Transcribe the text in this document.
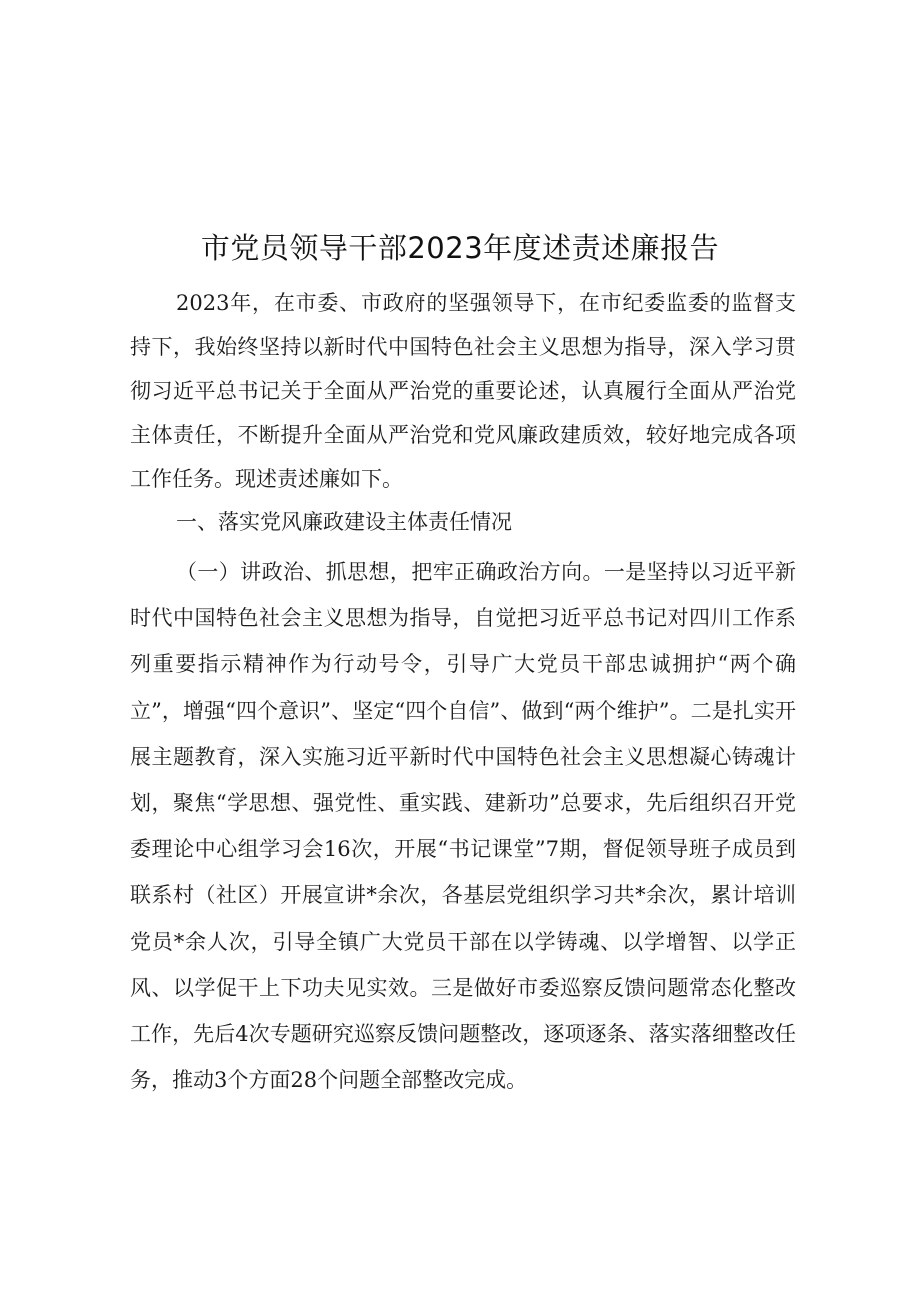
市党员领导干部2023年度述责述廉报告
2023年，在市委、市政府的坚强领导下，在市纪委监委的监督支持下，我始终坚持以新时代中国特色社会主义思想为指导，深入学习贯彻习近平总书记关于全面从严治党的重要论述，认真履行全面从严治党主体责任，不断提升全面从严治党和党风廉政建质效，较好地完成各项工作任务。现述责述廉如下。
一、落实党风廉政建设主体责任情况
（一）讲政治、抓思想，把牢正确政治方向。一是坚持以习近平新时代中国特色社会主义思想为指导，自觉把习近平总书记对四川工作系列重要指示精神作为行动号令，引导广大党员干部忠诚拥护“两个确立”，增强“四个意识”、坚定“四个自信”、做到“两个维护”。二是扎实开展主题教育，深入实施习近平新时代中国特色社会主义思想凝心铸魂计划，聚焦“学思想、强党性、重实践、建新功”总要求，先后组织召开党委理论中心组学习会16次，开展“书记课堂”7期，督促领导班子成员到联系村（社区）开展宣讲*余次，各基层党组织学习共*余次，累计培训党员*余人次，引导全镇广大党员干部在以学铸魂、以学增智、以学正风、以学促干上下功夫见实效。三是做好市委巡察反馈问题常态化整改工作，先后4次专题研究巡察反馈问题整改，逐项逐条、落实落细整改任务，推动3个方面28个问题全部整改完成。
